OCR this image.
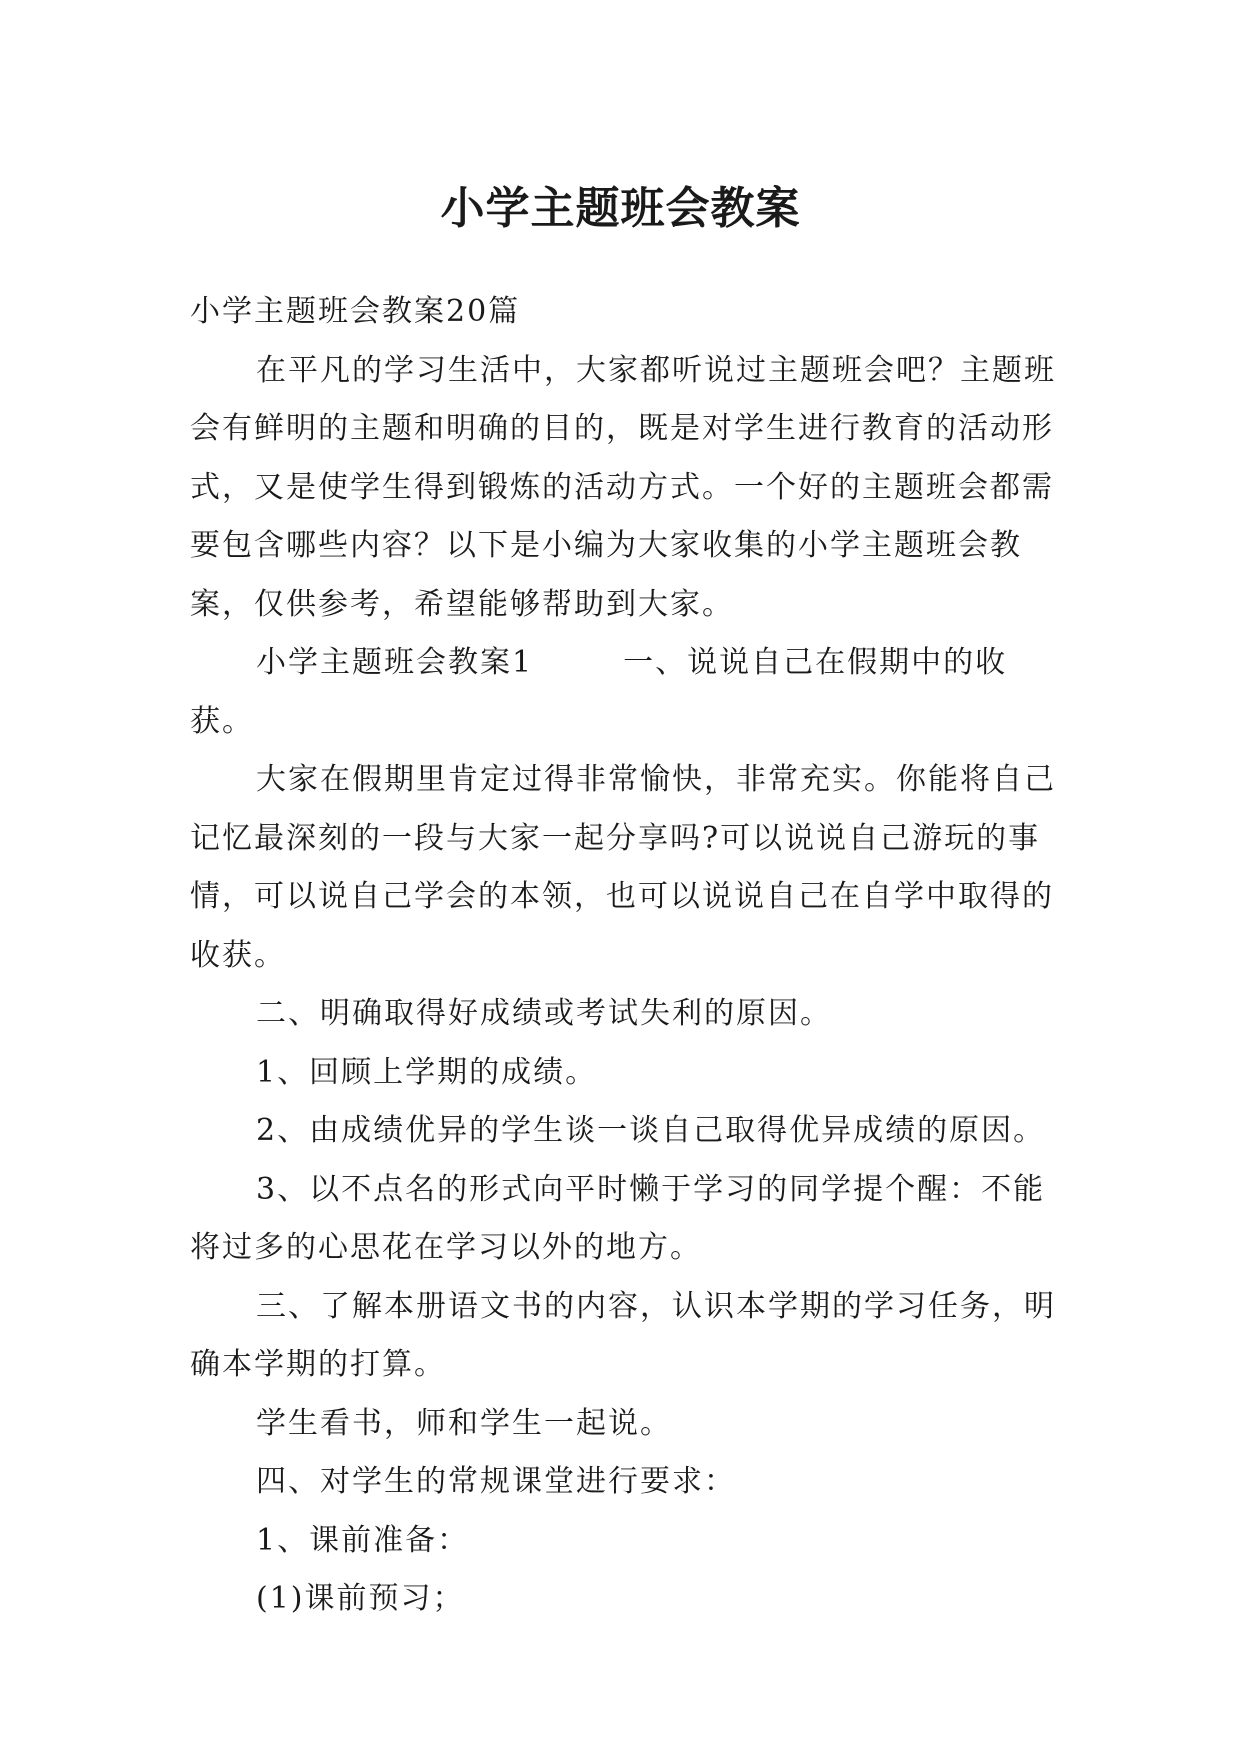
小学主题班会教案

小学主题班会教案20篇

在平凡的学习生活中，大家都听说过主题班会吧？主题班会有鲜明的主题和明确的目的，既是对学生进行教育的活动形式，又是使学生得到锻炼的活动方式。一个好的主题班会都需要包含哪些内容？以下是小编为大家收集的小学主题班会教案，仅供参考，希望能够帮助到大家。

小学主题班会教案1	一、说说自己在假期中的收获。

大家在假期里肯定过得非常愉快，非常充实。你能将自己记忆最深刻的一段与大家一起分享吗?可以说说自己游玩的事情，可以说自己学会的本领，也可以说说自己在自学中取得的收获。

二、明确取得好成绩或考试失利的原因。

1、回顾上学期的成绩。

2、由成绩优异的学生谈一谈自己取得优异成绩的原因。

3、以不点名的形式向平时懒于学习的同学提个醒：不能将过多的心思花在学习以外的地方。

三、了解本册语文书的内容，认识本学期的学习任务，明确本学期的打算。

学生看书，师和学生一起说。

四、对学生的常规课堂进行要求：

1、课前准备：

(1)课前预习；
